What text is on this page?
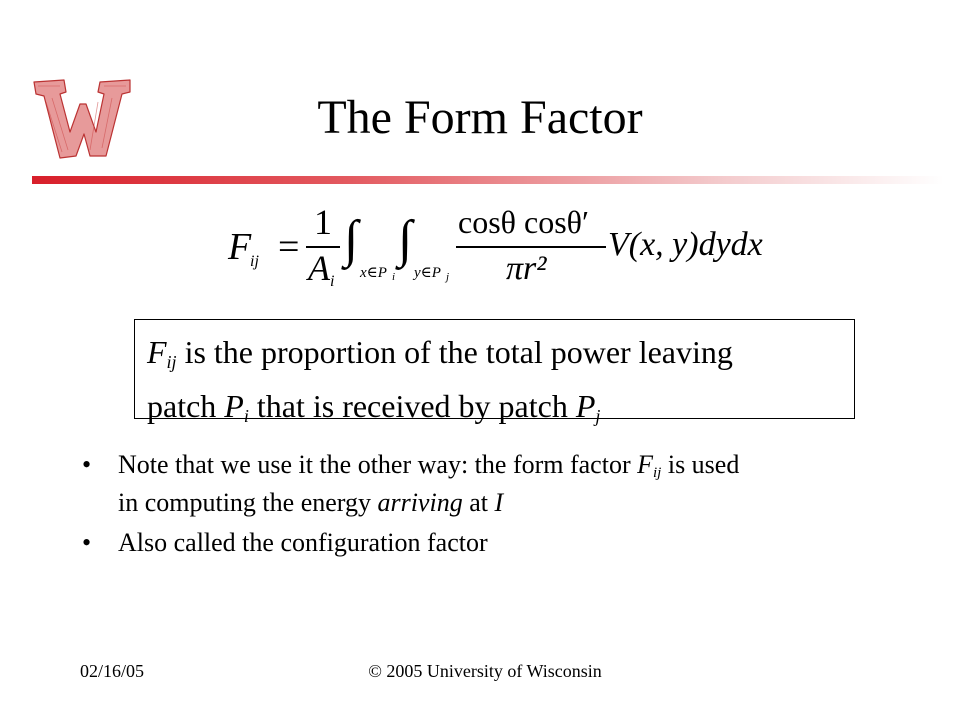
The Form Factor
F
ij =
1
A i
∫
x∈P i
∫
y∈P j
cosθ cosθ′
πr²
V(x, y)dydx
$F_{ij}$ is the proportion of the total power leaving
patch $P_i$ that is received by patch $P_j$
• Note that we use it the other way: the form factor $F_{ij}$ is used
in computing the energy arriving at I
• Also called the configuration factor
02/16/05	© 2005 University of Wisconsin
